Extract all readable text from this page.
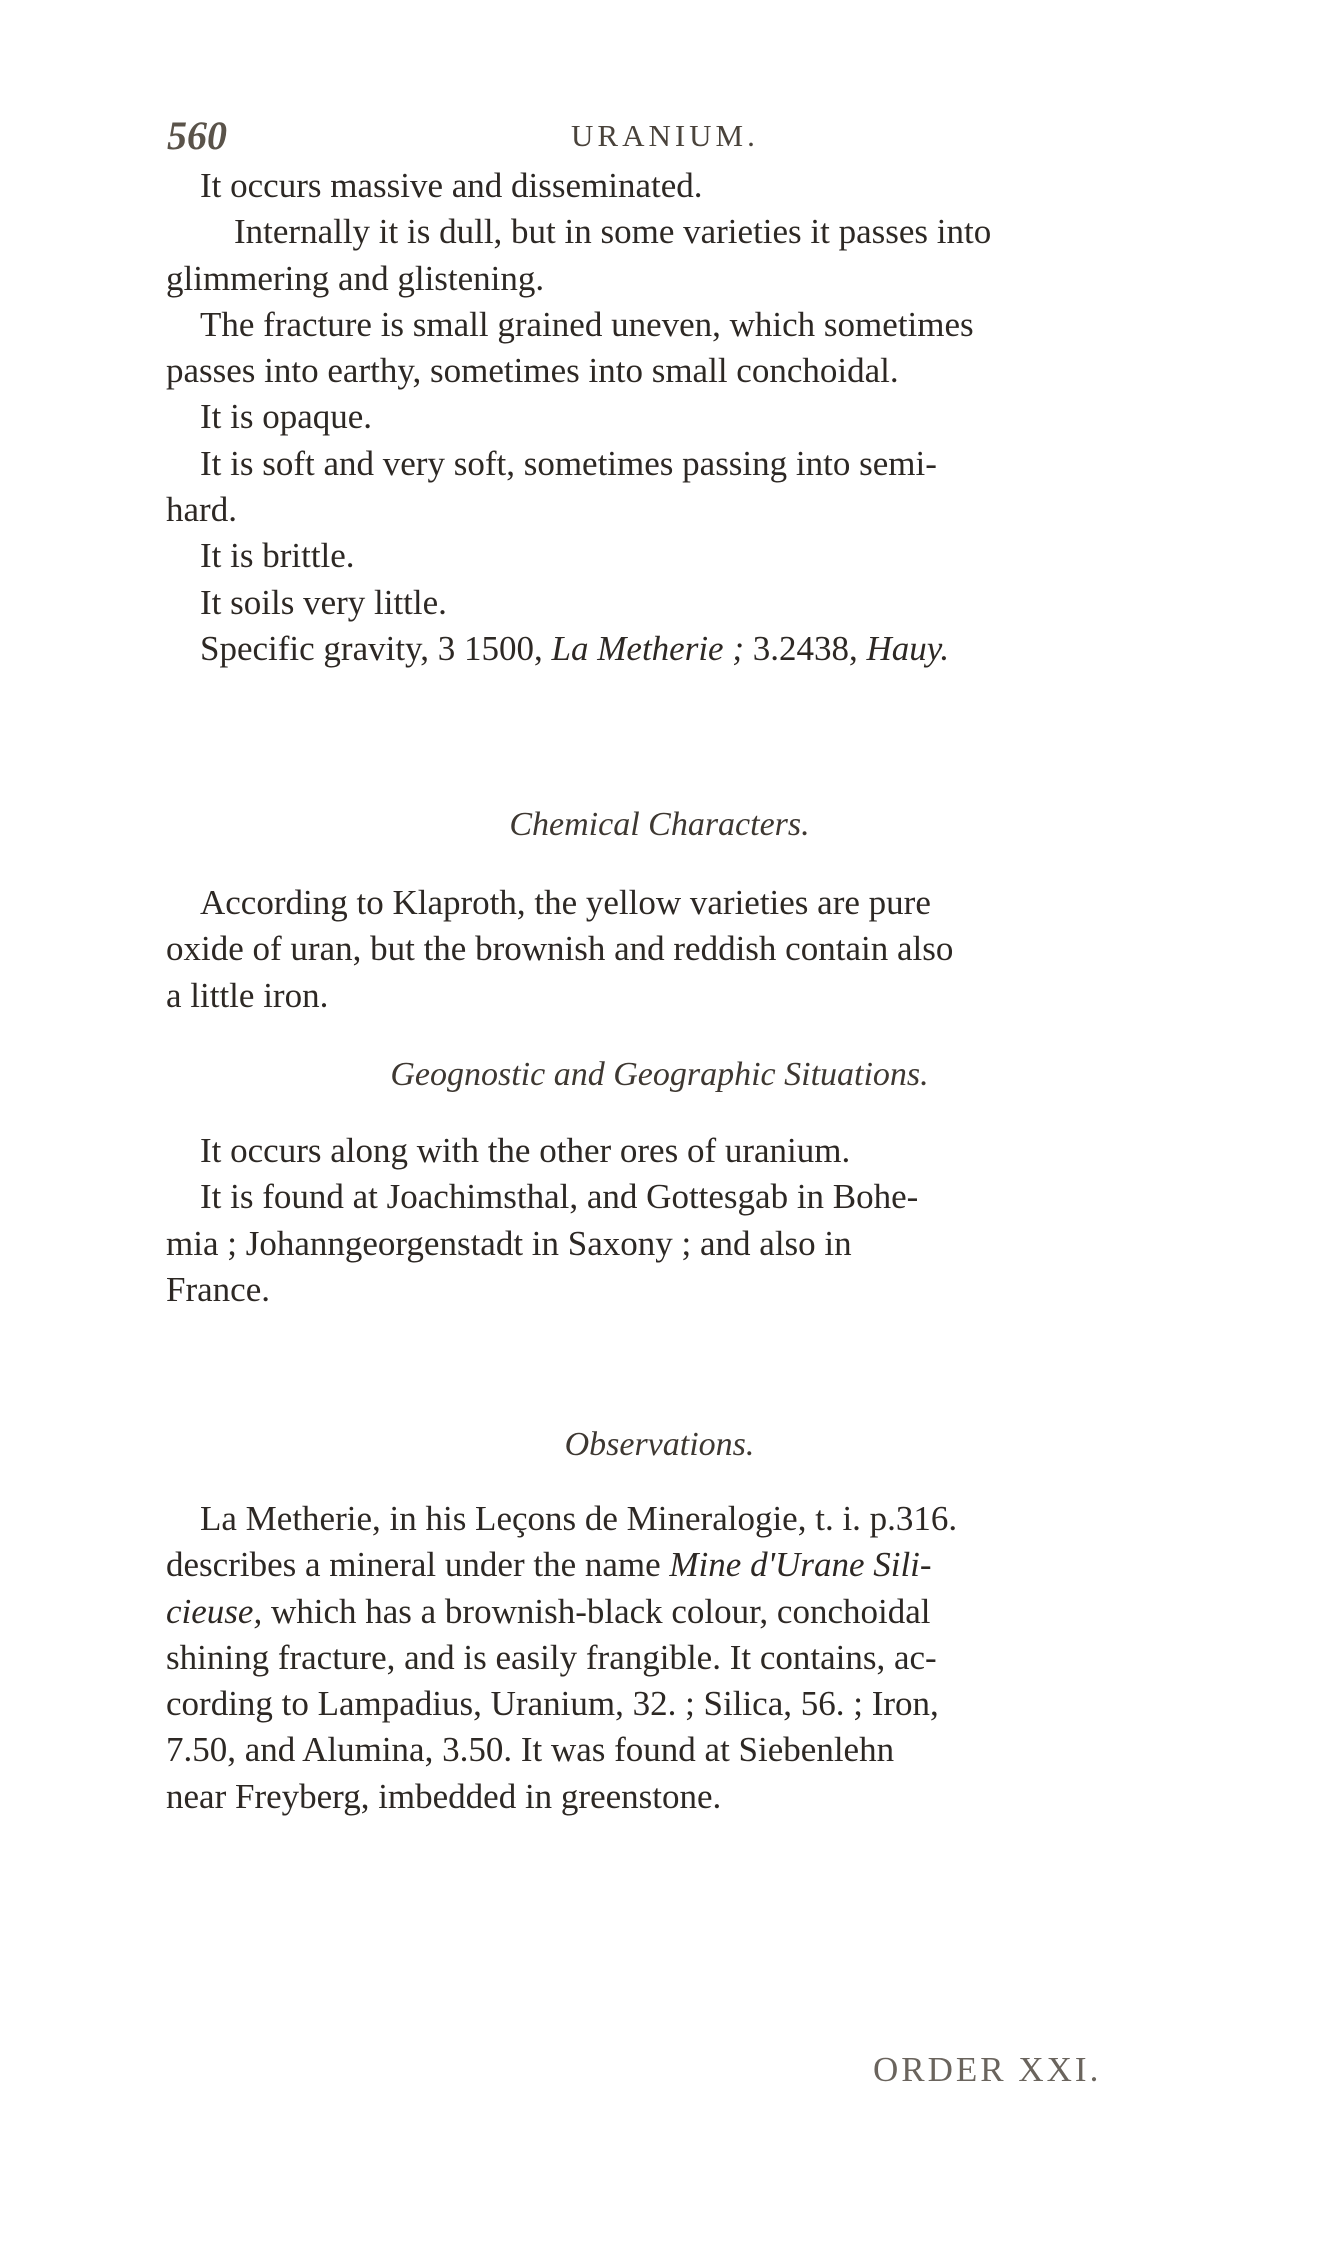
560	URANIUM.

It occurs massive and disseminated.

Internally it is dull, but in some varieties it passes into
glimmering and glistening.

The fracture is small grained uneven, which sometimes
passes into earthy, sometimes into small conchoidal.

It is opaque.

It is soft and very soft, sometimes passing into semi-
hard.

It is brittle.

It soils very little.

Specific gravity, 3 1500, La Metherie ; 3.2438, Hauy.

Chemical Characters.

According to Klaproth, the yellow varieties are pure
oxide of uran, but the brownish and reddish contain also
a little iron.

Geognostic and Geographic Situations.

It occurs along with the other ores of uranium.

It is found at Joachimsthal, and Gottesgab in Bohe-
mia ; Johanngeorgenstadt in Saxony ; and also in
France.

Observations.

La Metherie, in his Leçons de Mineralogie, t. i. p.316.
describes a mineral under the name Mine d'Urane Sili-
cieuse, which has a brownish-black colour, conchoidal
shining fracture, and is easily frangible. It contains, ac-
cording to Lampadius, Uranium, 32. ; Silica, 56. ; Iron,
7.50, and Alumina, 3.50. It was found at Siebenlehn
near Freyberg, imbedded in greenstone.

ORDER XXI.
